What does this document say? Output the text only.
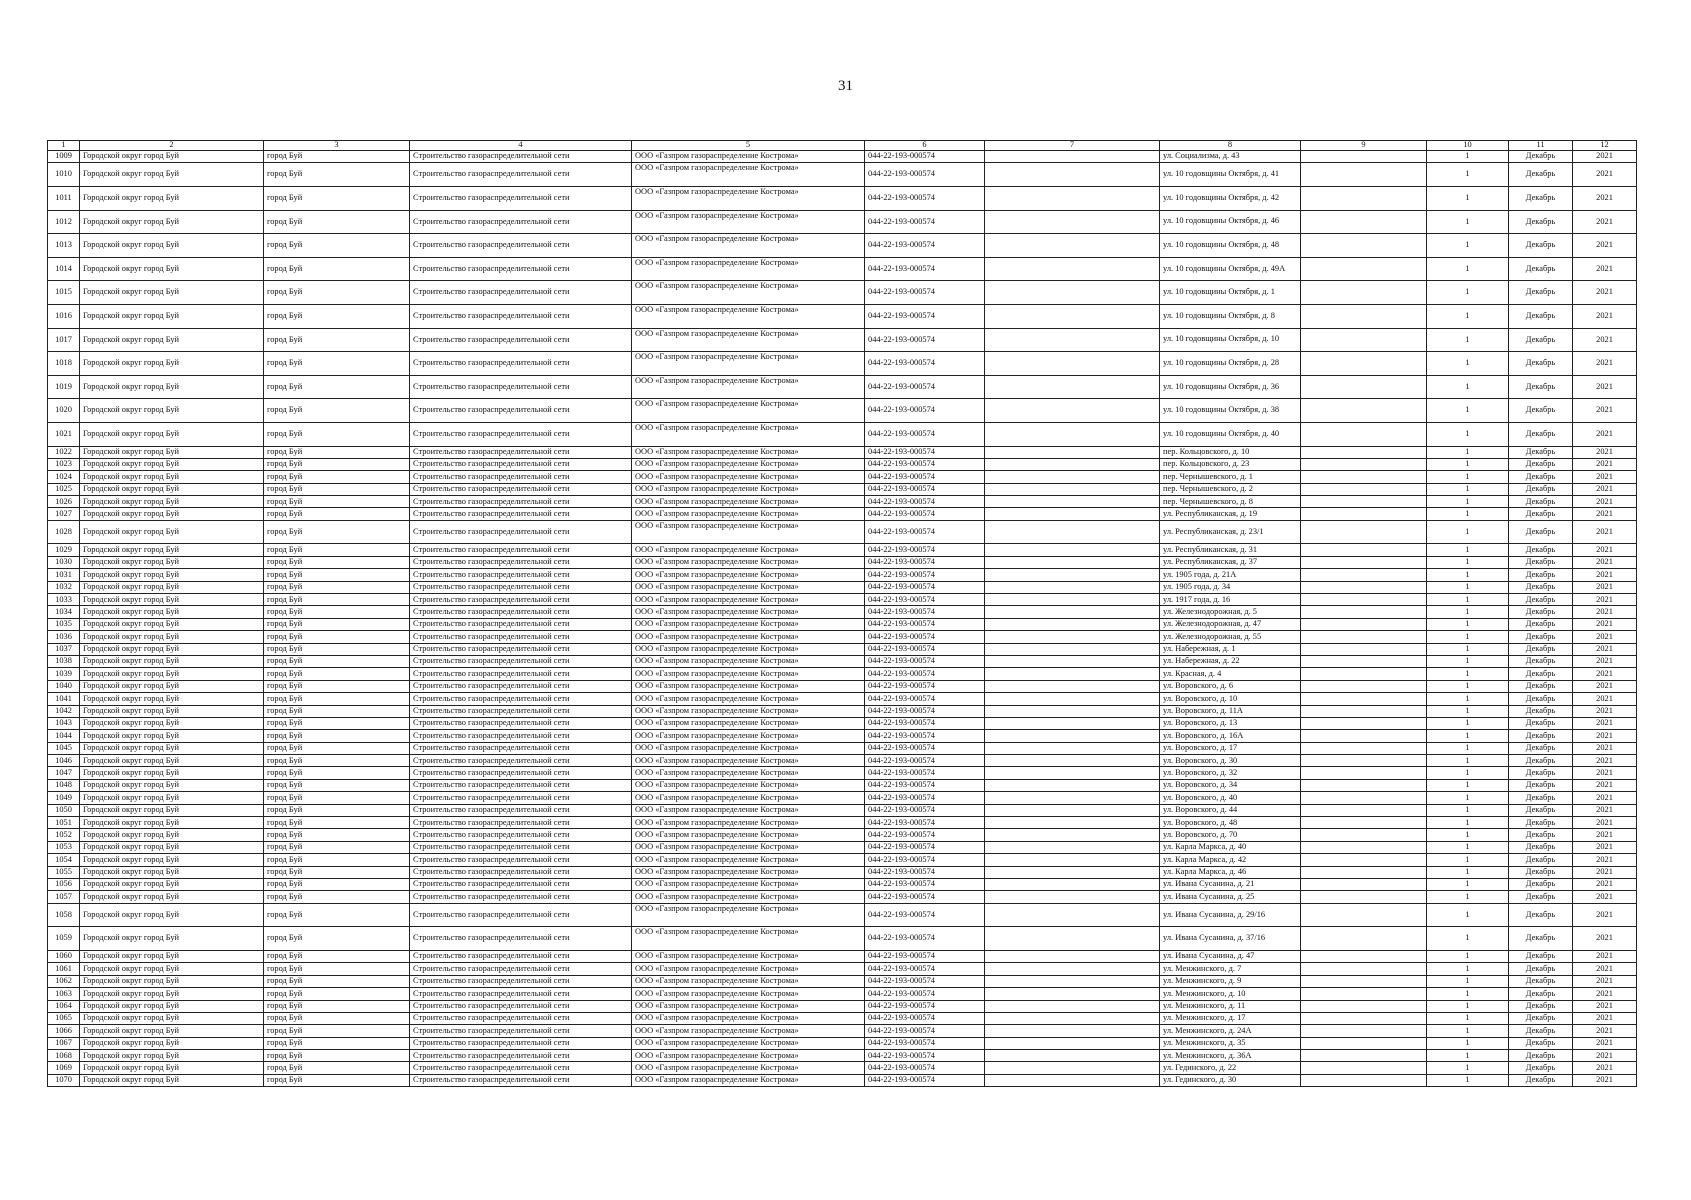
31
1	2	3	4	5	6	7	8	9	10	11	12
1009	Городской округ город Буй	город Буй	Строительство газораспределительной сети	ООО «Газпром газораспределение Кострома»	044-22-193-000574		ул. Социализма, д. 43		1	Декабрь	2021
1010	Городской округ город Буй	город Буй	Строительство газораспределительной сети	ООО «Газпром газораспределение Кострома»	044-22-193-000574		ул. 10 годовщины Октября, д. 41		1	Декабрь	2021
1011	Городской округ город Буй	город Буй	Строительство газораспределительной сети	ООО «Газпром газораспределение Кострома»	044-22-193-000574		ул. 10 годовщины Октября, д. 42		1	Декабрь	2021
1012	Городской округ город Буй	город Буй	Строительство газораспределительной сети	ООО «Газпром газораспределение Кострома»	044-22-193-000574		ул. 10 годовщины Октября, д. 46		1	Декабрь	2021
1013	Городской округ город Буй	город Буй	Строительство газораспределительной сети	ООО «Газпром газораспределение Кострома»	044-22-193-000574		ул. 10 годовщины Октября, д. 48		1	Декабрь	2021
1014	Городской округ город Буй	город Буй	Строительство газораспределительной сети	ООО «Газпром газораспределение Кострома»	044-22-193-000574		ул. 10 годовщины Октября, д. 49А		1	Декабрь	2021
1015	Городской округ город Буй	город Буй	Строительство газораспределительной сети	ООО «Газпром газораспределение Кострома»	044-22-193-000574		ул. 10 годовщины Октября, д. 1		1	Декабрь	2021
1016	Городской округ город Буй	город Буй	Строительство газораспределительной сети	ООО «Газпром газораспределение Кострома»	044-22-193-000574		ул. 10 годовщины Октября, д. 8		1	Декабрь	2021
1017	Городской округ город Буй	город Буй	Строительство газораспределительной сети	ООО «Газпром газораспределение Кострома»	044-22-193-000574		ул. 10 годовщины Октября, д. 10		1	Декабрь	2021
1018	Городской округ город Буй	город Буй	Строительство газораспределительной сети	ООО «Газпром газораспределение Кострома»	044-22-193-000574		ул. 10 годовщины Октября, д. 28		1	Декабрь	2021
1019	Городской округ город Буй	город Буй	Строительство газораспределительной сети	ООО «Газпром газораспределение Кострома»	044-22-193-000574		ул. 10 годовщины Октября, д. 36		1	Декабрь	2021
1020	Городской округ город Буй	город Буй	Строительство газораспределительной сети	ООО «Газпром газораспределение Кострома»	044-22-193-000574		ул. 10 годовщины Октября, д. 38		1	Декабрь	2021
1021	Городской округ город Буй	город Буй	Строительство газораспределительной сети	ООО «Газпром газораспределение Кострома»	044-22-193-000574		ул. 10 годовщины Октября, д. 40		1	Декабрь	2021
1022	Городской округ город Буй	город Буй	Строительство газораспределительной сети	ООО «Газпром газораспределение Кострома»	044-22-193-000574		пер. Кольцовского, д. 10		1	Декабрь	2021
1023	Городской округ город Буй	город Буй	Строительство газораспределительной сети	ООО «Газпром газораспределение Кострома»	044-22-193-000574		пер. Кольцовского, д. 23		1	Декабрь	2021
1024	Городской округ город Буй	город Буй	Строительство газораспределительной сети	ООО «Газпром газораспределение Кострома»	044-22-193-000574		пер. Чернышевского, д. 1		1	Декабрь	2021
1025	Городской округ город Буй	город Буй	Строительство газораспределительной сети	ООО «Газпром газораспределение Кострома»	044-22-193-000574		пер. Чернышевского, д. 2		1	Декабрь	2021
1026	Городской округ город Буй	город Буй	Строительство газораспределительной сети	ООО «Газпром газораспределение Кострома»	044-22-193-000574		пер. Чернышевского, д. 8		1	Декабрь	2021
1027	Городской округ город Буй	город Буй	Строительство газораспределительной сети	ООО «Газпром газораспределение Кострома»	044-22-193-000574		ул. Республиканская, д. 19		1	Декабрь	2021
1028	Городской округ город Буй	город Буй	Строительство газораспределительной сети	ООО «Газпром газораспределение Кострома»	044-22-193-000574		ул. Республиканская, д. 23/1		1	Декабрь	2021
1029	Городской округ город Буй	город Буй	Строительство газораспределительной сети	ООО «Газпром газораспределение Кострома»	044-22-193-000574		ул. Республиканская, д. 31		1	Декабрь	2021
1030	Городской округ город Буй	город Буй	Строительство газораспределительной сети	ООО «Газпром газораспределение Кострома»	044-22-193-000574		ул. Республиканская, д. 37		1	Декабрь	2021
1031	Городской округ город Буй	город Буй	Строительство газораспределительной сети	ООО «Газпром газораспределение Кострома»	044-22-193-000574		ул. 1905 года, д. 21А		1	Декабрь	2021
1032	Городской округ город Буй	город Буй	Строительство газораспределительной сети	ООО «Газпром газораспределение Кострома»	044-22-193-000574		ул. 1905 года, д. 34		1	Декабрь	2021
1033	Городской округ город Буй	город Буй	Строительство газораспределительной сети	ООО «Газпром газораспределение Кострома»	044-22-193-000574		ул. 1917 года, д. 16		1	Декабрь	2021
1034	Городской округ город Буй	город Буй	Строительство газораспределительной сети	ООО «Газпром газораспределение Кострома»	044-22-193-000574		ул. Железнодорожная, д. 5		1	Декабрь	2021
1035	Городской округ город Буй	город Буй	Строительство газораспределительной сети	ООО «Газпром газораспределение Кострома»	044-22-193-000574		ул. Железнодорожная, д. 47		1	Декабрь	2021
1036	Городской округ город Буй	город Буй	Строительство газораспределительной сети	ООО «Газпром газораспределение Кострома»	044-22-193-000574		ул. Железнодорожная, д. 55		1	Декабрь	2021
1037	Городской округ город Буй	город Буй	Строительство газораспределительной сети	ООО «Газпром газораспределение Кострома»	044-22-193-000574		ул. Набережная, д. 1		1	Декабрь	2021
1038	Городской округ город Буй	город Буй	Строительство газораспределительной сети	ООО «Газпром газораспределение Кострома»	044-22-193-000574		ул. Набережная, д. 22		1	Декабрь	2021
1039	Городской округ город Буй	город Буй	Строительство газораспределительной сети	ООО «Газпром газораспределение Кострома»	044-22-193-000574		ул. Красная, д. 4		1	Декабрь	2021
1040	Городской округ город Буй	город Буй	Строительство газораспределительной сети	ООО «Газпром газораспределение Кострома»	044-22-193-000574		ул. Воровского, д. 6		1	Декабрь	2021
1041	Городской округ город Буй	город Буй	Строительство газораспределительной сети	ООО «Газпром газораспределение Кострома»	044-22-193-000574		ул. Воровского, д. 10		1	Декабрь	2021
1042	Городской округ город Буй	город Буй	Строительство газораспределительной сети	ООО «Газпром газораспределение Кострома»	044-22-193-000574		ул. Воровского, д. 11А		1	Декабрь	2021
1043	Городской округ город Буй	город Буй	Строительство газораспределительной сети	ООО «Газпром газораспределение Кострома»	044-22-193-000574		ул. Воровского, д. 13		1	Декабрь	2021
1044	Городской округ город Буй	город Буй	Строительство газораспределительной сети	ООО «Газпром газораспределение Кострома»	044-22-193-000574		ул. Воровского, д. 16А		1	Декабрь	2021
1045	Городской округ город Буй	город Буй	Строительство газораспределительной сети	ООО «Газпром газораспределение Кострома»	044-22-193-000574		ул. Воровского, д. 17		1	Декабрь	2021
1046	Городской округ город Буй	город Буй	Строительство газораспределительной сети	ООО «Газпром газораспределение Кострома»	044-22-193-000574		ул. Воровского, д. 30		1	Декабрь	2021
1047	Городской округ город Буй	город Буй	Строительство газораспределительной сети	ООО «Газпром газораспределение Кострома»	044-22-193-000574		ул. Воровского, д. 32		1	Декабрь	2021
1048	Городской округ город Буй	город Буй	Строительство газораспределительной сети	ООО «Газпром газораспределение Кострома»	044-22-193-000574		ул. Воровского, д. 34		1	Декабрь	2021
1049	Городской округ город Буй	город Буй	Строительство газораспределительной сети	ООО «Газпром газораспределение Кострома»	044-22-193-000574		ул. Воровского, д. 40		1	Декабрь	2021
1050	Городской округ город Буй	город Буй	Строительство газораспределительной сети	ООО «Газпром газораспределение Кострома»	044-22-193-000574		ул. Воровского, д. 44		1	Декабрь	2021
1051	Городской округ город Буй	город Буй	Строительство газораспределительной сети	ООО «Газпром газораспределение Кострома»	044-22-193-000574		ул. Воровского, д. 48		1	Декабрь	2021
1052	Городской округ город Буй	город Буй	Строительство газораспределительной сети	ООО «Газпром газораспределение Кострома»	044-22-193-000574		ул. Воровского, д. 70		1	Декабрь	2021
1053	Городской округ город Буй	город Буй	Строительство газораспределительной сети	ООО «Газпром газораспределение Кострома»	044-22-193-000574		ул. Карла Маркса, д. 40		1	Декабрь	2021
1054	Городской округ город Буй	город Буй	Строительство газораспределительной сети	ООО «Газпром газораспределение Кострома»	044-22-193-000574		ул. Карла Маркса, д. 42		1	Декабрь	2021
1055	Городской округ город Буй	город Буй	Строительство газораспределительной сети	ООО «Газпром газораспределение Кострома»	044-22-193-000574		ул. Карла Маркса, д. 46		1	Декабрь	2021
1056	Городской округ город Буй	город Буй	Строительство газораспределительной сети	ООО «Газпром газораспределение Кострома»	044-22-193-000574		ул. Ивана Сусанина, д. 21		1	Декабрь	2021
1057	Городской округ город Буй	город Буй	Строительство газораспределительной сети	ООО «Газпром газораспределение Кострома»	044-22-193-000574		ул. Ивана Сусанина, д. 25		1	Декабрь	2021
1058	Городской округ город Буй	город Буй	Строительство газораспределительной сети	ООО «Газпром газораспределение Кострома»	044-22-193-000574		ул. Ивана Сусанина, д. 29/16		1	Декабрь	2021
1059	Городской округ город Буй	город Буй	Строительство газораспределительной сети	ООО «Газпром газораспределение Кострома»	044-22-193-000574		ул. Ивана Сусанина, д. 37/16		1	Декабрь	2021
1060	Городской округ город Буй	город Буй	Строительство газораспределительной сети	ООО «Газпром газораспределение Кострома»	044-22-193-000574		ул. Ивана Сусанина, д. 47		1	Декабрь	2021
1061	Городской округ город Буй	город Буй	Строительство газораспределительной сети	ООО «Газпром газораспределение Кострома»	044-22-193-000574		ул. Менжинского, д. 7		1	Декабрь	2021
1062	Городской округ город Буй	город Буй	Строительство газораспределительной сети	ООО «Газпром газораспределение Кострома»	044-22-193-000574		ул. Менжинского, д. 9		1	Декабрь	2021
1063	Городской округ город Буй	город Буй	Строительство газораспределительной сети	ООО «Газпром газораспределение Кострома»	044-22-193-000574		ул. Менжинского, д. 10		1	Декабрь	2021
1064	Городской округ город Буй	город Буй	Строительство газораспределительной сети	ООО «Газпром газораспределение Кострома»	044-22-193-000574		ул. Менжинского, д. 11		1	Декабрь	2021
1065	Городской округ город Буй	город Буй	Строительство газораспределительной сети	ООО «Газпром газораспределение Кострома»	044-22-193-000574		ул. Менжинского, д. 17		1	Декабрь	2021
1066	Городской округ город Буй	город Буй	Строительство газораспределительной сети	ООО «Газпром газораспределение Кострома»	044-22-193-000574		ул. Менжинского, д. 24А		1	Декабрь	2021
1067	Городской округ город Буй	город Буй	Строительство газораспределительной сети	ООО «Газпром газораспределение Кострома»	044-22-193-000574		ул. Менжинского, д. 35		1	Декабрь	2021
1068	Городской округ город Буй	город Буй	Строительство газораспределительной сети	ООО «Газпром газораспределение Кострома»	044-22-193-000574		ул. Менжинского, д. 36А		1	Декабрь	2021
1069	Городской округ город Буй	город Буй	Строительство газораспределительной сети	ООО «Газпром газораспределение Кострома»	044-22-193-000574		ул. Гединского, д. 22		1	Декабрь	2021
1070	Городской округ город Буй	город Буй	Строительство газораспределительной сети	ООО «Газпром газораспределение Кострома»	044-22-193-000574		ул. Гединского, д. 30		1	Декабрь	2021
